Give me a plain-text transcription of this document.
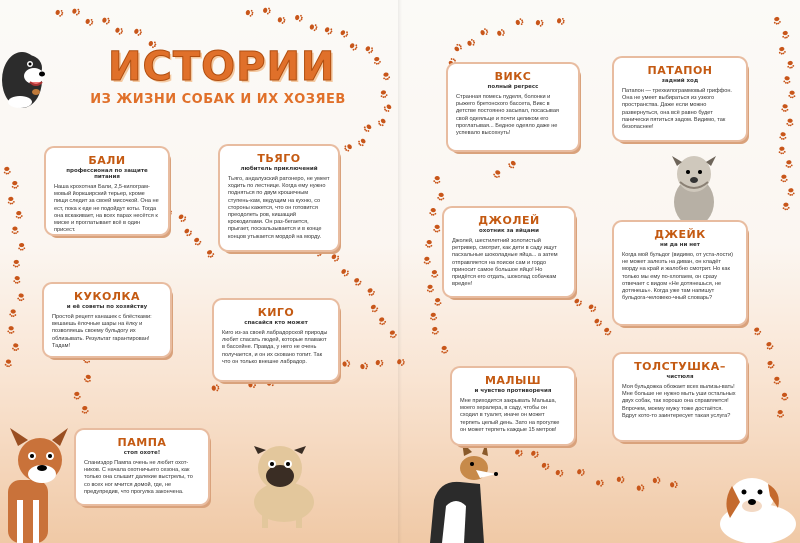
ИСТОРИИ
ИЗ ЖИЗНИ СОБАК И ИХ ХОЗЯЕВ
БАЛИ
профессионал по защите питания

Наша крохотная Бали, 2,5-килограм-мовый йоркширский терьер, кроме пищи следит за своей мисочкой. Она не ест, пока к еде не подойдут коты. Тогда она вскакивает, на всех парах несётся к миске и проглатывает всё в один присест.

ТЬЯГО
любитель приключений

Тьяго, андалузский ратонеро, не умеет ходить по лестнице. Когда ему нужно подняться по двум крошечным ступень-кам, ведущим на кухню, со стороны кажется, что он готовится преодолеть ров, кишащий крокодилами. Он раз-бегается, прыгает, поскальзывается и в конце концов утыкается мордой на морду.

КУКОЛКА
и её советы по хозяйству

Простой рецепт канашек с блёстками: вешаешь ёлочные шары на ёлку и позволяешь своему бульдогу их облизывать. Результат гарантирован! Тадам!

КИГО
спасайся кто может

Киго из-за своей лабрадорской природы любит спасать людей, которые плавают в бассейне. Правда, у него не очень получается, и он их сковано топит. Так что он только внешне лабрадор.

ПАМПА
стоп охоте!

Спаниэдор Пампа очень не любит охот-ников. С начала охотничьего сезона, как только она слышит далекие выстрелы, то со всех ног мчится домой, где, не предупредив, что прогулка закончена.

ВИКС
полный регресс

Странная помесь пуделя, болонки и рыжего бретонского бассета, Викс в детстве постоянно засыпал, посасывая свой одеяльце и почти целиком его проглатывая... Бедное одеяло даже не успевало высохнуть!

ПАТАПОН
задний ход

Патапон — трехкилограммовый гриффон. Она не умеет выбираться из узкого пространства. Даже если можно развернуться, она всё равно будет панически пятиться задом. Видимо, так безопаснее!

ДЖОЛЕЙ
охотник за яйцами

Джолей, шестилетний золотистый ретривер, смотрит, как дети в саду ищут пасхальные шоколадные яйца... а затем отправляется на поиски сам и гордо приносит самое большое яйцо! Но придётся его отдать, шоколад собачкам вреден!

ДЖЕЙК
ни да ни нет

Когда мой бульдог (видимо, от уста-лости) не может залезть на диван, он кладёт морду на край и жалобно смотрит. Но как только мы ему по-хлопаем, он сразу отвечает с видом «Не дотянешься, не дотянешь». Когда уже там напишут бульдога-человеко-чный словарь?

МАЛЫШ
и чувство противоречия

Мне приходится закрывать Малыша, моего хералера, в саду, чтобы он сходил в туалет, иначе он может терпеть целый день. Зато на прогулке он может терпеть каждые 15 метров!

ТОЛСТУШКА–
чистюля

Моя бульдожка обожает всех вылизы-вать! Мне больше не нужно мыть уши остальных двух собак, так хорошо она справляется! Впрочем, моему мужу тоже достаётся. Вдруг кото-то заинтересует такая услуга?
